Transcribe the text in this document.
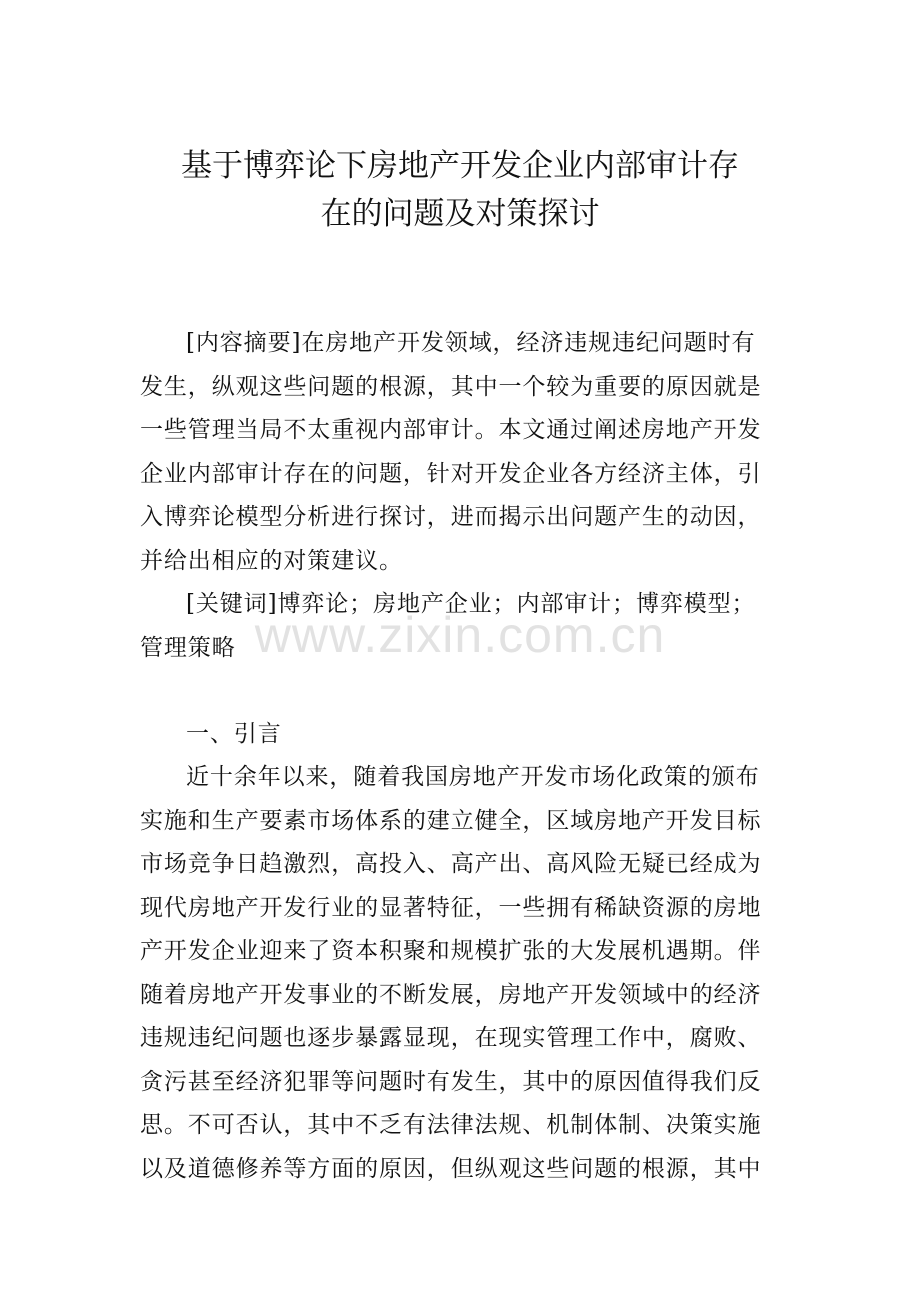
基于博弈论下房地产开发企业内部审计存
在的问题及对策探讨
[内容摘要]在房地产开发领域，经济违规违纪问题时有
发生，纵观这些问题的根源，其中一个较为重要的原因就是
一些管理当局不太重视内部审计。本文通过阐述房地产开发
企业内部审计存在的问题，针对开发企业各方经济主体，引
入博弈论模型分析进行探讨，进而揭示出问题产生的动因，
并给出相应的对策建议。
[关键词]博弈论；房地产企业；内部审计；博弈模型；
管理策略
一、引言
近十余年以来，随着我国房地产开发市场化政策的颁布
实施和生产要素市场体系的建立健全，区域房地产开发目标
市场竞争日趋激烈，高投入、高产出、高风险无疑已经成为
现代房地产开发行业的显著特征，一些拥有稀缺资源的房地
产开发企业迎来了资本积聚和规模扩张的大发展机遇期。伴
随着房地产开发事业的不断发展，房地产开发领域中的经济
违规违纪问题也逐步暴露显现，在现实管理工作中，腐败、
贪污甚至经济犯罪等问题时有发生，其中的原因值得我们反
思。不可否认，其中不乏有法律法规、机制体制、决策实施
以及道德修养等方面的原因，但纵观这些问题的根源，其中
www.zixin.com.cn
